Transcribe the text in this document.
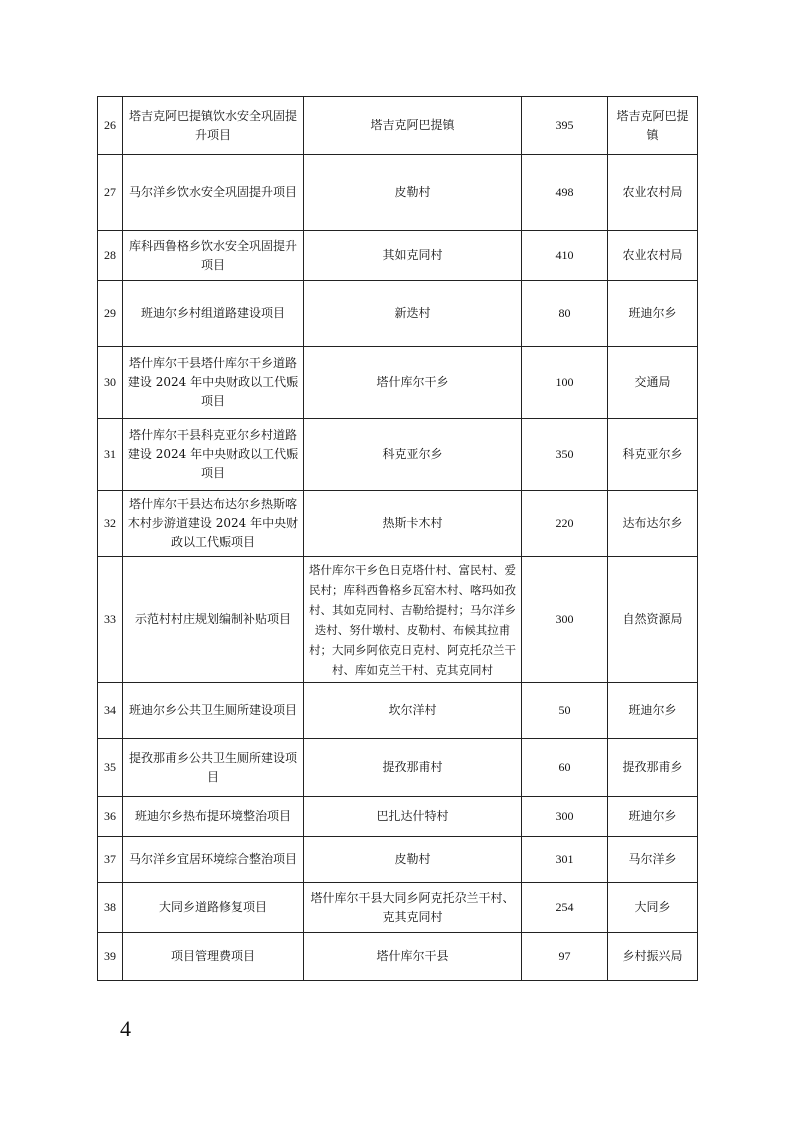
26	塔吉克阿巴提镇饮水安全巩固提升项目	塔吉克阿巴提镇	395	塔吉克阿巴提镇
27	马尔洋乡饮水安全巩固提升项目	皮勒村	498	农业农村局
28	库科西鲁格乡饮水安全巩固提升项目	其如克同村	410	农业农村局
29	班迪尔乡村组道路建设项目	新迭村	80	班迪尔乡
30	塔什库尔干县塔什库尔干乡道路建设 2024 年中央财政以工代赈项目	塔什库尔干乡	100	交通局
31	塔什库尔干县科克亚尔乡村道路建设 2024 年中央财政以工代赈项目	科克亚尔乡	350	科克亚尔乡
32	塔什库尔干县达布达尔乡热斯喀木村步游道建设 2024 年中央财政以工代赈项目	热斯卡木村	220	达布达尔乡
33	示范村村庄规划编制补贴项目	塔什库尔干乡色日克塔什村、富民村、爱民村；库科西鲁格乡瓦窑木村、喀玛如孜村、其如克同村、吉勒给提村；马尔洋乡迭村、努什墩村、皮勒村、布候其拉甫村；大同乡阿依克日克村、阿克托尕兰干村、库如克兰干村、克其克同村	300	自然资源局
34	班迪尔乡公共卫生厕所建设项目	坎尔洋村	50	班迪尔乡
35	提孜那甫乡公共卫生厕所建设项目	提孜那甫村	60	提孜那甫乡
36	班迪尔乡热布提环境整治项目	巴扎达什特村	300	班迪尔乡
37	马尔洋乡宜居环境综合整治项目	皮勒村	301	马尔洋乡
38	大同乡道路修复项目	塔什库尔干县大同乡阿克托尕兰干村、克其克同村	254	大同乡
39	项目管理费项目	塔什库尔干县	97	乡村振兴局
4
